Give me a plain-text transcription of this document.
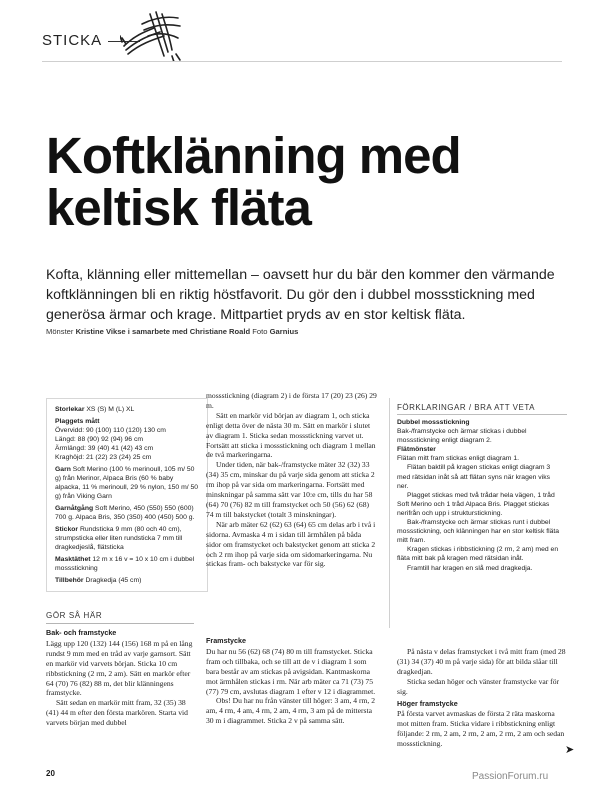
STICKA
Koftklänning med
keltisk fläta
Kofta, klänning eller mittemellan – oavsett hur du bär den kommer den värmande koftklänningen bli en riktig höstfavorit. Du gör den i dubbel mossstickning med generösa ärmar och krage. Mittpartiet pryds av en stor keltisk fläta.
Mönster Kristine Vikse i samarbete med Christiane Roald Foto Garnius

Storlekar XS (S) M (L) XL

Plaggets mått

Övervidd: 90 (100) 110 (120) 130 cm

Längd: 88 (90) 92 (94) 96 cm

Ärmlängd: 39 (40) 41 (42) 43 cm

Kraghöjd: 21 (22) 23 (24) 25 cm

Garn Soft Merino (100 % merinoull, 105 m/ 50 g) från Merinor, Alpaca Bris (60 % baby alpacka, 11 % merinoull, 29 % nylon, 150 m/ 50 g) från Viking Garn

Garnåtgång Soft Merino, 450 (550) 550 (600) 700 g. Alpaca Bris, 350 (350) 400 (450) 500 g.

Stickor Rundsticka 9 mm (80 och 40 cm), strumpsticka eller liten rundsticka 7 mm till dragkedjeslå, flätsticka

Masktäthet 12 m x 16 v = 10 x 10 cm i dubbel mossstickning

Tillbehör Dragkedja (45 cm)

GÖR SÅ HÄR

Bak- och framstycke

Lägg upp 120 (132) 144 (156) 168 m på en lång rundst 9 mm med en tråd av varje garnsort. Sätt en markör vid varvets början. Sticka 10 cm ribbstickning (2 rm, 2 am). Sätt en markör efter 64 (70) 76 (82) 88 m, det blir klänningens framstycke.

Sätt sedan en markör mitt fram, 32 (35) 38 (41) 44 m efter den första markören. Starta vid varvets början med dubbel

mossstickning (diagram 2) i de första 17 (20) 23 (26) 29 m.

Sätt en markör vid början av diagram 1, och sticka enligt detta över de nästa 30 m. Sätt en markör i slutet av diagram 1. Sticka sedan mossstickning varvet ut. Fortsätt att sticka i mossstickning och diagram 1 mellan de två markeringarna.

Under tiden, när bak-/framstycke mäter 32 (32) 33 (34) 35 cm, minskar du på varje sida genom att sticka 2 rm ihop på var sida om markeringarna. Fortsätt med minskningar på samma sätt var 10:e cm, tills du har 58 (64) 70 (76) 82 m till framstycket och 50 (56) 62 (68) 74 m till bakstycket (totalt 3 minskningar).

När arb mäter 62 (62) 63 (64) 65 cm delas arb i två i sidorna. Avmaska 4 m i sidan till ärmhålen på båda sidor om framstycket och bakstycket genom att sticka 2 och 2 rm ihop på varje sida om sidomarkeringarna. Nu stickas fram- och bakstycke var för sig.

Framstycke

Du har nu 56 (62) 68 (74) 80 m till framstycket. Sticka fram och tillbaka, och se till att de v i diagram 1 som bara består av am stickas på avigsidan. Kantmaskorna mot ärmhålen stickas i rm. När arb mäter ca 71 (73) 75 (77) 79 cm, avslutas diagram 1 efter v 12 i diagrammet.

Obs! Du har nu från vänster till höger: 3 am, 4 rm, 2 am, 4 rm, 4 am, 4 rm, 2 am, 4 rm, 3 am på de mittersta 30 m i diagrammet. Sticka 2 v på samma sätt.

FÖRKLARINGAR / BRA ATT VETA

Dubbel mossstickning

Bak-/framstycke och ärmar stickas i dubbel mossstickning enligt diagram 2.

Flätmönster

Flätan mitt fram stickas enligt diagram 1.

Flätan baktill på kragen stickas enligt diagram 3 med rätsidan inåt så att flätan syns när kragen viks ner.

Plagget stickas med två trådar hela vägen, 1 tråd Soft Merino och 1 tråd Alpaca Bris. Plagget stickas nerifrån och upp i strukturstickning.

Bak-/framstycke och ärmar stickas runt i dubbel mossstickning, och klänningen har en stor keltisk fläta mitt fram.

Kragen stickas i ribbstickning (2 rm, 2 am) med en fläta mitt bak på kragen med rätsidan inåt.

Framtill har kragen en slå med dragkedja.

På nästa v delas framstycket i två mitt fram (med 28 (31) 34 (37) 40 m på varje sida) för att bilda slåar till dragkedjan.

Sticka sedan höger och vänster framstycke var för sig.

Höger framstycke

På första varvet avmaskas de första 2 räta maskorna mot mitten fram. Sticka vidare i ribbstickning enligt följande: 2 rm, 2 am, 2 rm, 2 am, 2 rm, 2 am och sedan mossstickning.

➤
20	PassionForum.ru
